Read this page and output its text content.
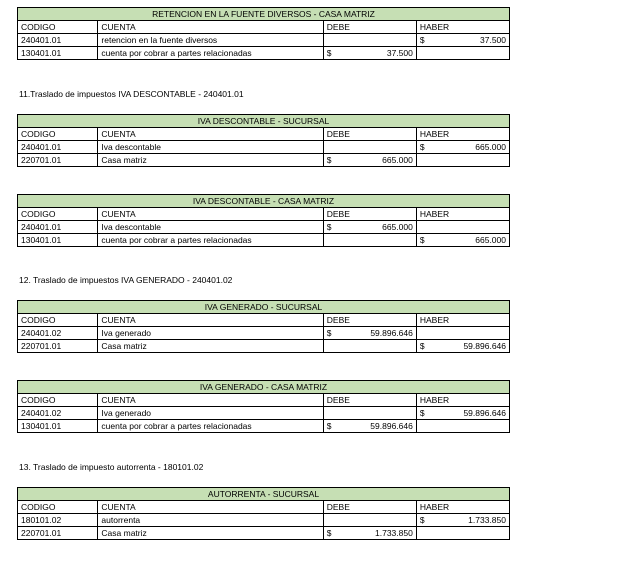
11.Traslado de impuestos IVA DESCONTABLE - 240401.01
12. Traslado de impuestos IVA GENERADO - 240401.02
13. Traslado de impuesto autorrenta - 180101.02
RETENCION EN LA FUENTE DIVERSOS - CASA MATRIZ			
CODIGO	CUENTA	DEBE	HABER
240401.01	retencion en la fuente diversos		$ 37.500

130401.01	cuenta por cobrar a partes relacionadas	$ 37.500	

IVA DESCONTABLE - SUCURSAL			
CODIGO	CUENTA	DEBE	HABER
240401.01	Iva descontable		$ 665.000

220701.01	Casa matriz	$ 665.000	

IVA DESCONTABLE - CASA MATRIZ			
CODIGO	CUENTA	DEBE	HABER
240401.01	Iva descontable	$ 665.000	

130401.01	cuenta por cobrar a partes relacionadas		$ 665.000
IVA GENERADO - SUCURSAL			
CODIGO	CUENTA	DEBE	HABER
240401.02	Iva generado	$ 59.896.646	

220701.01	Casa matriz		$ 59.896.646
IVA GENERADO - CASA MATRIZ			
CODIGO	CUENTA	DEBE	HABER
240401.02	Iva generado		$ 59.896.646

130401.01	cuenta por cobrar a partes relacionadas	$ 59.896.646	

AUTORRENTA - SUCURSAL			
CODIGO	CUENTA	DEBE	HABER
180101.02	autorrenta		$ 1.733.850

220701.01	Casa matriz	$ 1.733.850	
